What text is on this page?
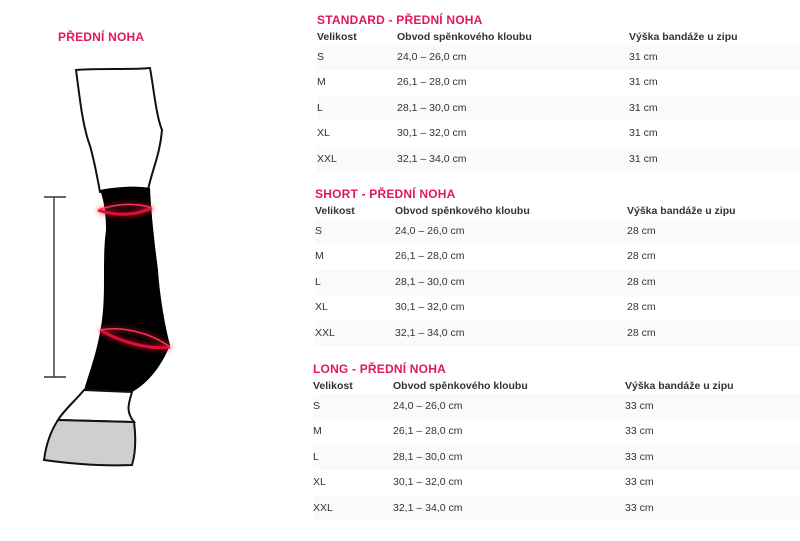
PŘEDNÍ NOHA
STANDARD - PŘEDNÍ NOHA
Velikost	Obvod spěnkového kloubu	Výška bandáže u zipu
S	24,0 – 26,0 cm	31 cm
M	26,1 – 28,0 cm	31 cm
L	28,1 – 30,0 cm	31 cm
XL	30,1 – 32,0 cm	31 cm
XXL	32,1 – 34,0 cm	31 cm
SHORT - PŘEDNÍ NOHA
Velikost	Obvod spěnkového kloubu	Výška bandáže u zipu
S	24,0 – 26,0 cm	28 cm
M	26,1 – 28,0 cm	28 cm
L	28,1 – 30,0 cm	28 cm
XL	30,1 – 32,0 cm	28 cm
XXL	32,1 – 34,0 cm	28 cm
LONG - PŘEDNÍ NOHA
Velikost	Obvod spěnkového kloubu	Výška bandáže u zipu
S	24,0 – 26,0 cm	33 cm
M	26,1 – 28,0 cm	33 cm
L	28,1 – 30,0 cm	33 cm
XL	30,1 – 32,0 cm	33 cm
XXL	32,1 – 34,0 cm	33 cm
